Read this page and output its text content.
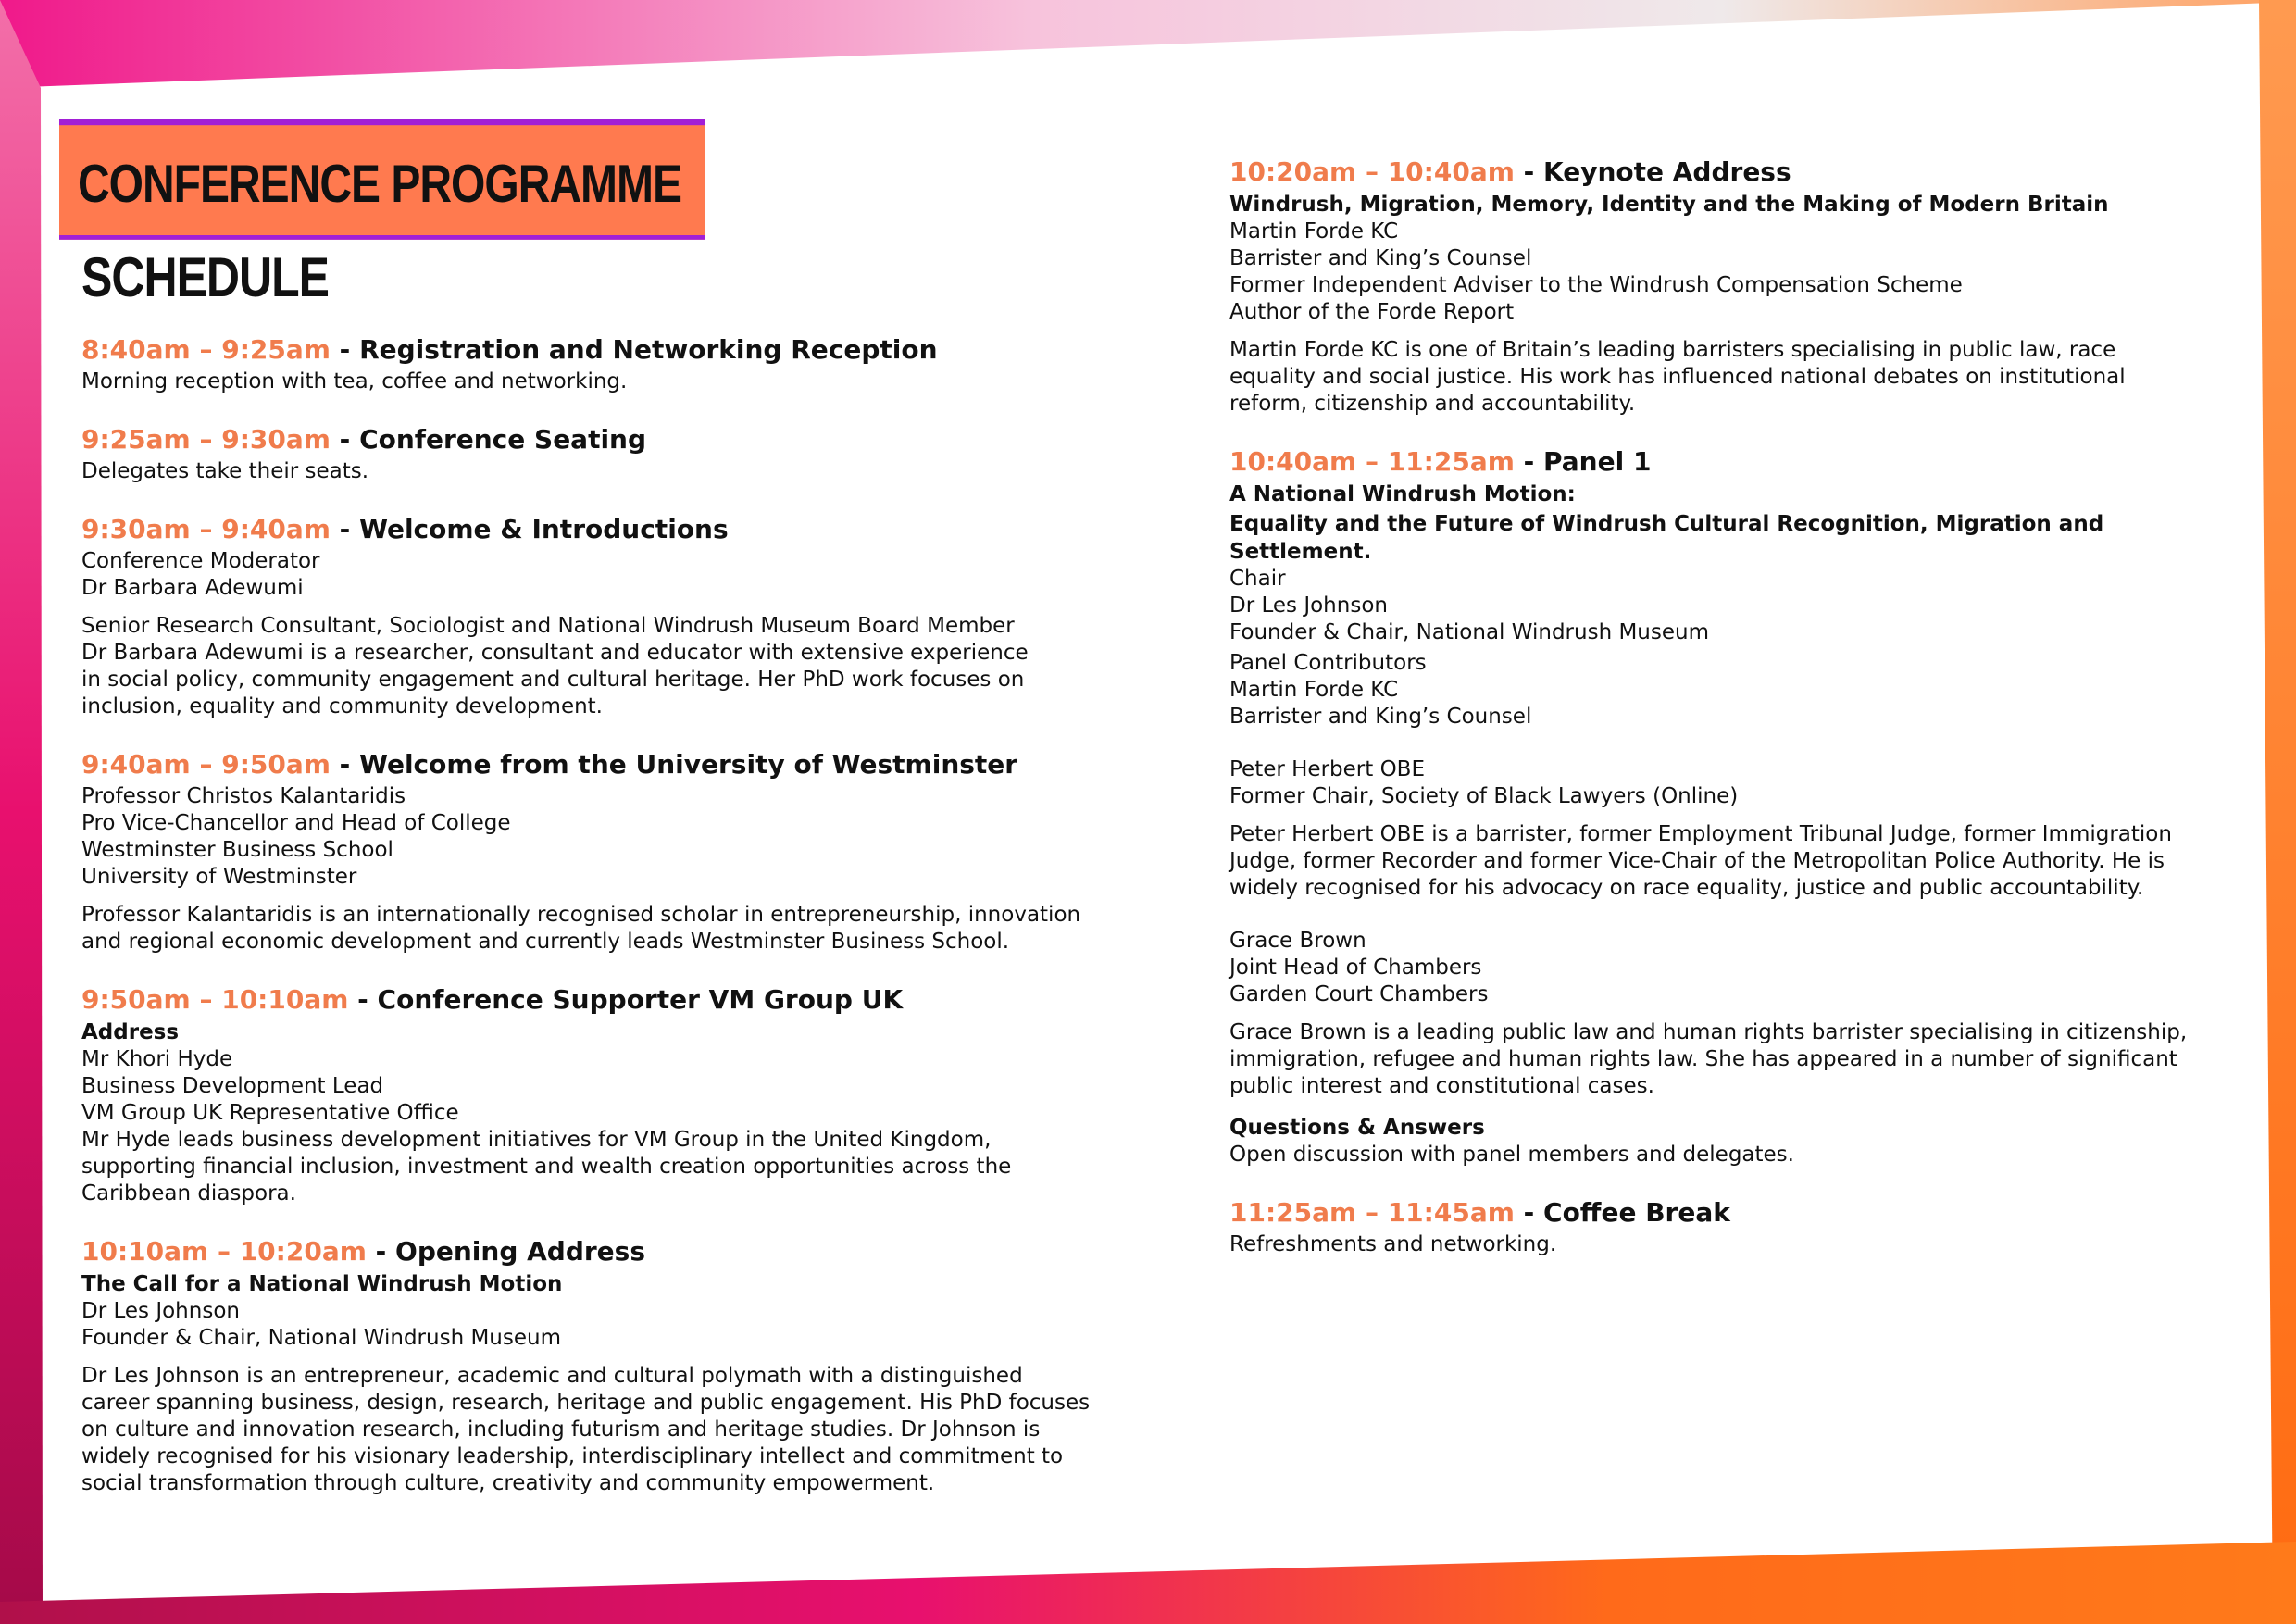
CONFERENCE PROGRAMME
SCHEDULE
8:40am – 9:25am - Registration and Networking Reception
Morning reception with tea, coffee and networking.
9:25am – 9:30am - Conference Seating
Delegates take their seats.
9:30am – 9:40am - Welcome & Introductions
Conference Moderator
Dr Barbara Adewumi
Senior Research Consultant, Sociologist and National Windrush Museum Board Member
Dr Barbara Adewumi is a researcher, consultant and educator with extensive experience
in social policy, community engagement and cultural heritage. Her PhD work focuses on
inclusion, equality and community development.
9:40am – 9:50am - Welcome from the University of Westminster
Professor Christos Kalantaridis
Pro Vice-Chancellor and Head of College
Westminster Business School
University of Westminster
Professor Kalantaridis is an internationally recognised scholar in entrepreneurship, innovation
and regional economic development and currently leads Westminster Business School.
9:50am – 10:10am - Conference Supporter VM Group UK
Address
Mr Khori Hyde
Business Development Lead
VM Group UK Representative Office
Mr Hyde leads business development initiatives for VM Group in the United Kingdom,
supporting financial inclusion, investment and wealth creation opportunities across the
Caribbean diaspora.
10:10am – 10:20am - Opening Address
The Call for a National Windrush Motion
Dr Les Johnson
Founder & Chair, National Windrush Museum
Dr Les Johnson is an entrepreneur, academic and cultural polymath with a distinguished
career spanning business, design, research, heritage and public engagement. His PhD focuses
on culture and innovation research, including futurism and heritage studies. Dr Johnson is
widely recognised for his visionary leadership, interdisciplinary intellect and commitment to
social transformation through culture, creativity and community empowerment.
10:20am – 10:40am - Keynote Address
Windrush, Migration, Memory, Identity and the Making of Modern Britain
Martin Forde KC
Barrister and King’s Counsel
Former Independent Adviser to the Windrush Compensation Scheme
Author of the Forde Report
Martin Forde KC is one of Britain’s leading barristers specialising in public law, race
equality and social justice. His work has influenced national debates on institutional
reform, citizenship and accountability.
10:40am – 11:25am - Panel 1
A National Windrush Motion:
Equality and the Future of Windrush Cultural Recognition, Migration and Settlement.
Chair
Dr Les Johnson
Founder & Chair, National Windrush Museum
Panel Contributors
Martin Forde KC
Barrister and King’s Counsel
Peter Herbert OBE
Former Chair, Society of Black Lawyers (Online)
Peter Herbert OBE is a barrister, former Employment Tribunal Judge, former Immigration
Judge, former Recorder and former Vice-Chair of the Metropolitan Police Authority. He is
widely recognised for his advocacy on race equality, justice and public accountability.
Grace Brown
Joint Head of Chambers
Garden Court Chambers
Grace Brown is a leading public law and human rights barrister specialising in citizenship,
immigration, refugee and human rights law. She has appeared in a number of significant
public interest and constitutional cases.
Questions & Answers
Open discussion with panel members and delegates.
11:25am – 11:45am - Coffee Break
Refreshments and networking.
